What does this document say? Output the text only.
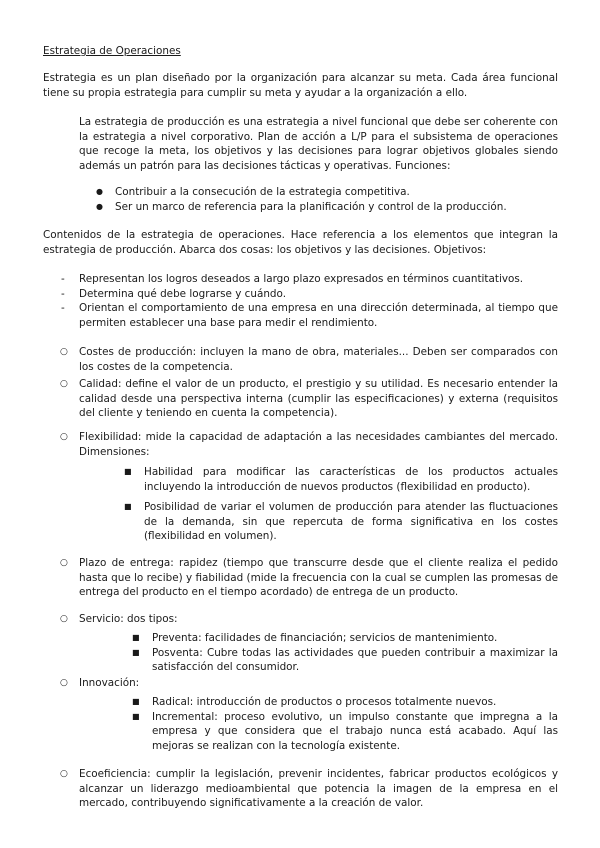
Estrategia de Operaciones
Estrategia es un plan diseñado por la organización para alcanzar su meta. Cada área funcional tiene su propia estrategia para cumplir su meta y ayudar a la organización a ello.
La estrategia de producción es una estrategia a nivel funcional que debe ser coherente con la estrategia a nivel corporativo. Plan de acción a L/P para el subsistema de operaciones que recoge la meta, los objetivos y las decisiones para lograr objetivos globales siendo además un patrón para las decisiones tácticas y operativas. Funciones:
● Contribuir a la consecución de la estrategia competitiva.
● Ser un marco de referencia para la planificación y control de la producción.
Contenidos de la estrategia de operaciones. Hace referencia a los elementos que integran la estrategia de producción. Abarca dos cosas: los objetivos y las decisiones. Objetivos:
- Representan los logros deseados a largo plazo expresados en términos cuantitativos.
- Determina qué debe lograrse y cuándo.
- Orientan el comportamiento de una empresa en una dirección determinada, al tiempo que permiten establecer una base para medir el rendimiento.
○ Costes de producción: incluyen la mano de obra, materiales... Deben ser comparados con los costes de la competencia.
○ Calidad: define el valor de un producto, el prestigio y su utilidad. Es necesario entender la calidad desde una perspectiva interna (cumplir las especificaciones) y externa (requisitos del cliente y teniendo en cuenta la competencia).
○ Flexibilidad: mide la capacidad de adaptación a las necesidades cambiantes del mercado. Dimensiones:
■ Habilidad para modificar las características de los productos actuales incluyendo la introducción de nuevos productos (flexibilidad en producto).
■ Posibilidad de variar el volumen de producción para atender las fluctuaciones de la demanda, sin que repercuta de forma significativa en los costes (flexibilidad en volumen).
○ Plazo de entrega: rapidez (tiempo que transcurre desde que el cliente realiza el pedido hasta que lo recibe) y fiabilidad (mide la frecuencia con la cual se cumplen las promesas de entrega del producto en el tiempo acordado) de entrega de un producto.
○ Servicio: dos tipos:
■ Preventa: facilidades de financiación; servicios de mantenimiento.
■ Posventa: Cubre todas las actividades que pueden contribuir a maximizar la satisfacción del consumidor.
○ Innovación:
■ Radical: introducción de productos o procesos totalmente nuevos.
■ Incremental: proceso evolutivo, un impulso constante que impregna a la empresa y que considera que el trabajo nunca está acabado. Aquí las mejoras se realizan con la tecnología existente.
○ Ecoeficiencia: cumplir la legislación, prevenir incidentes, fabricar productos ecológicos y alcanzar un liderazgo medioambiental que potencia la imagen de la empresa en el mercado, contribuyendo significativamente a la creación de valor.
